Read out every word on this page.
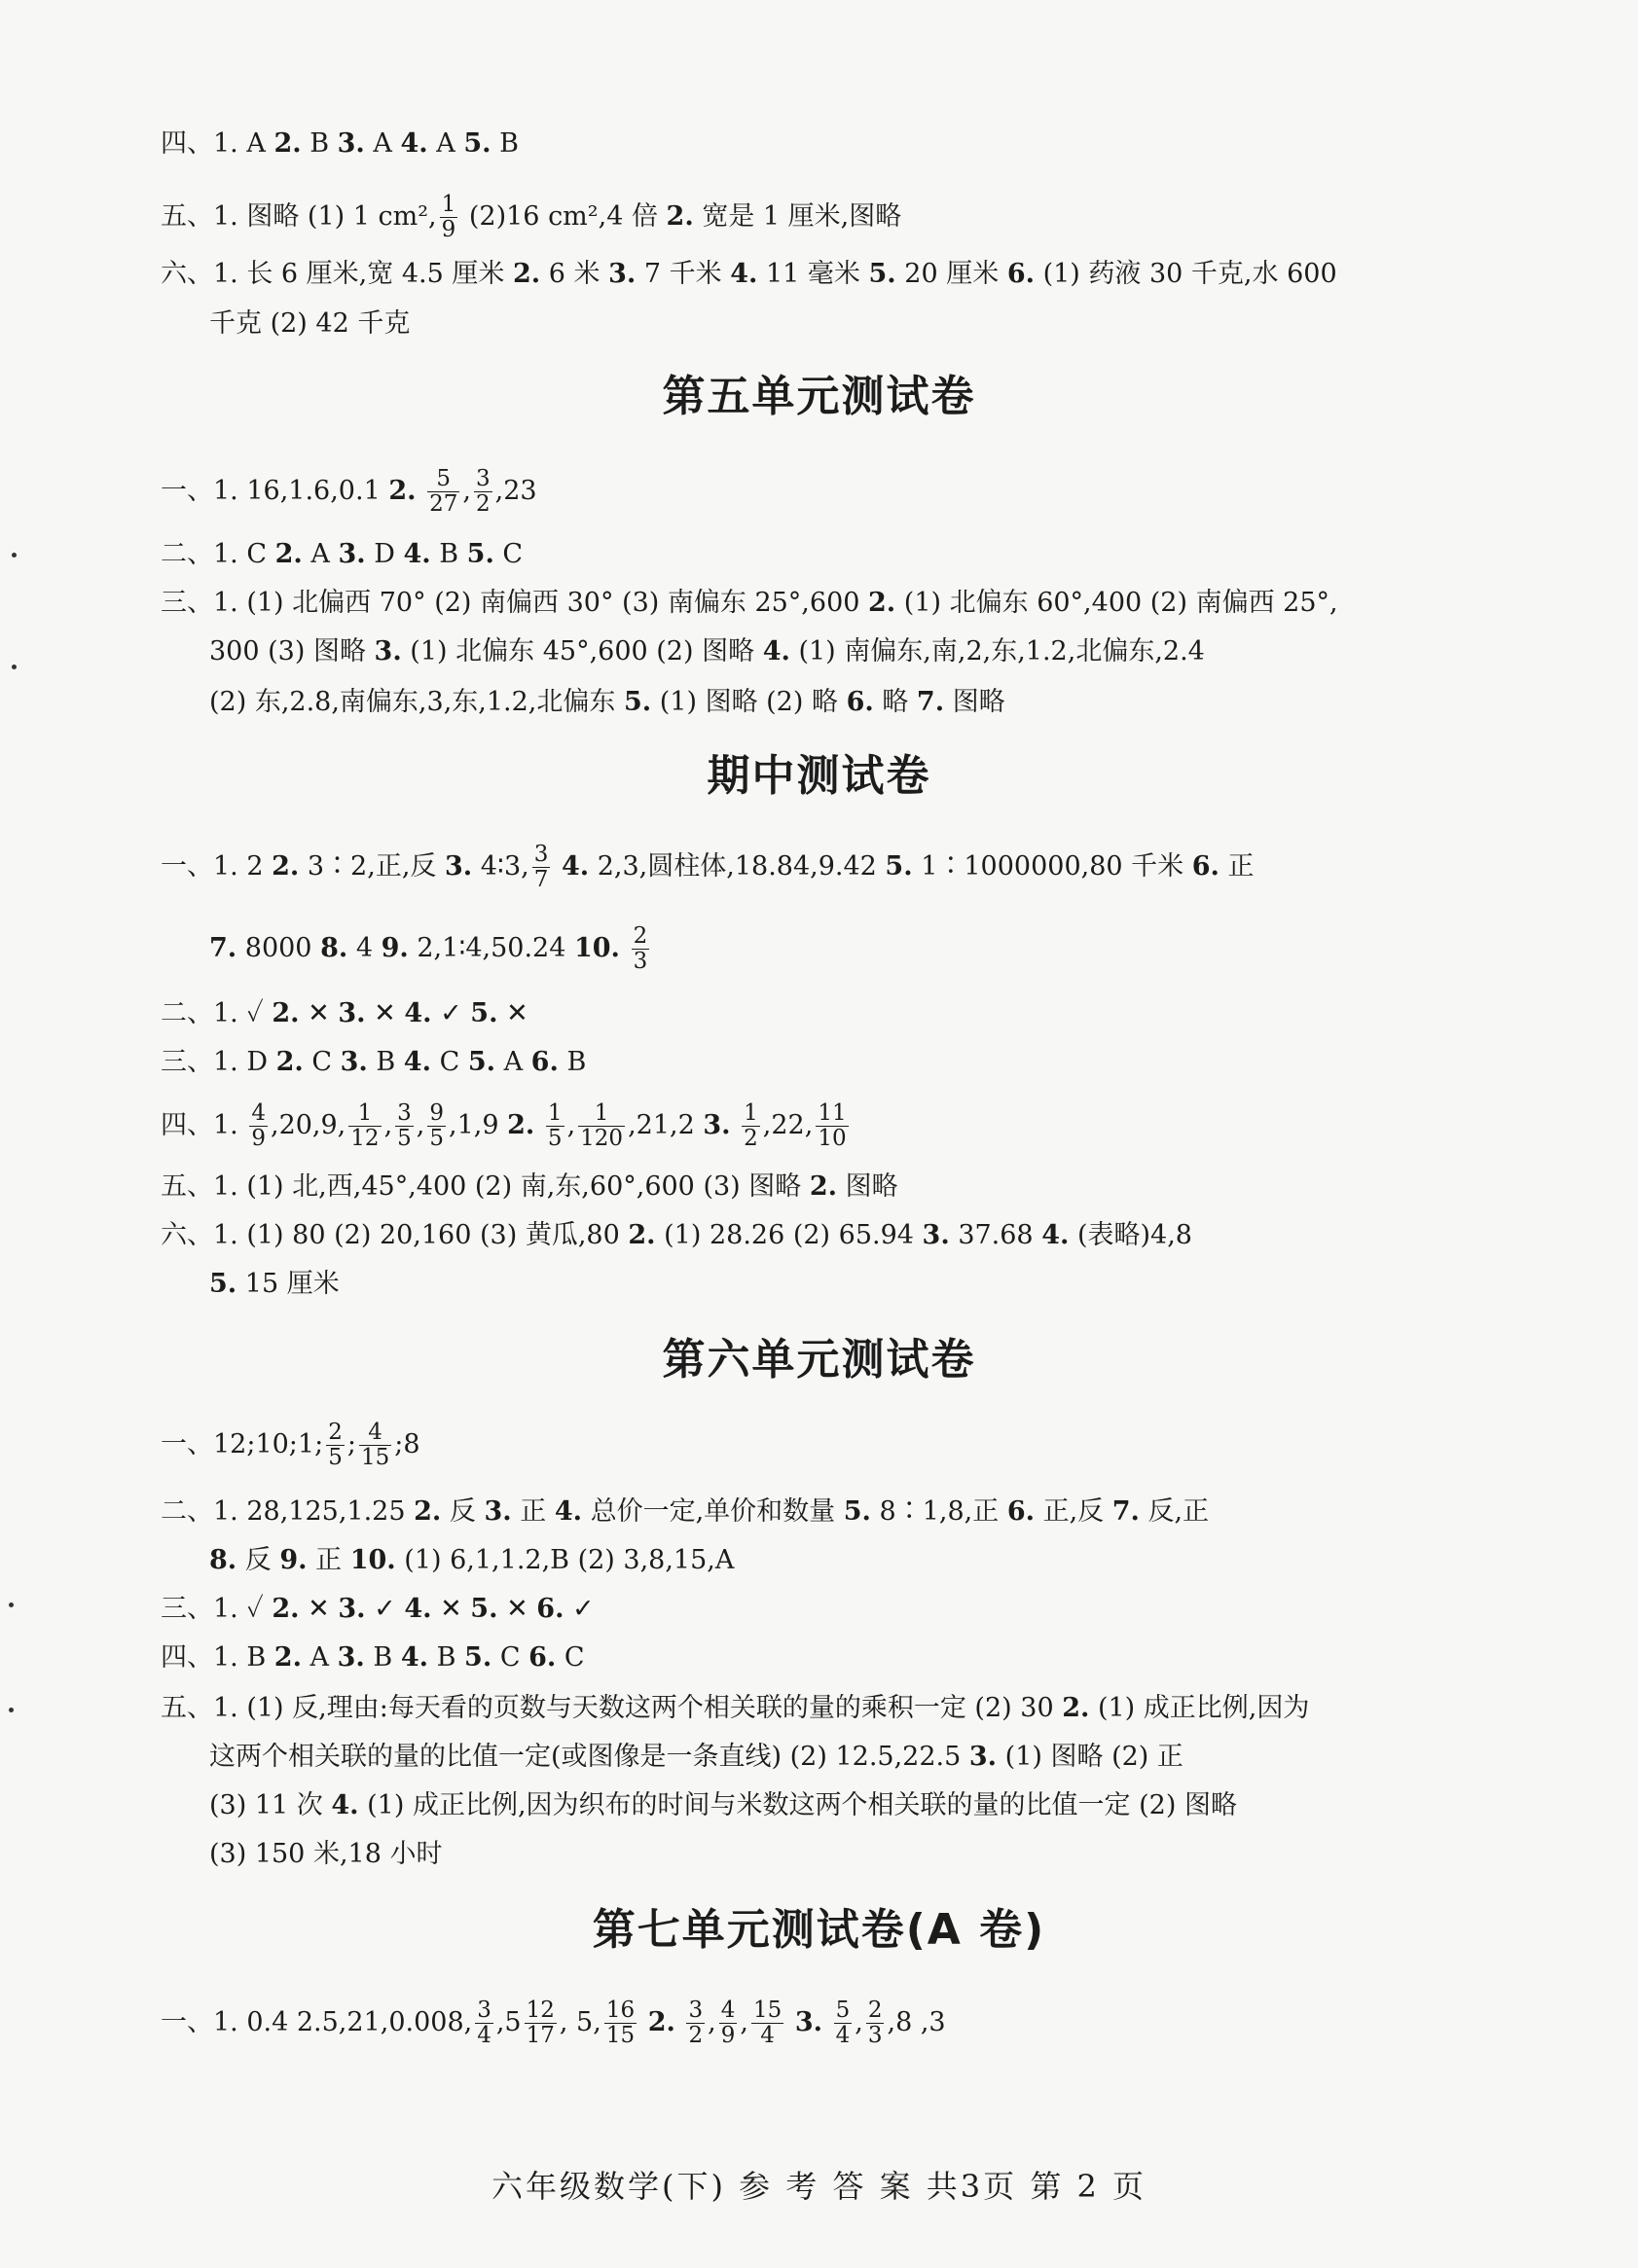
四、1. A 2. B 3. A 4. A 5. B
五、1. 图略 (1) 1 cm², $\frac{1}{9} (2)16$ cm²,4 倍 2. 宽是 1 厘米,图略
六、1. 长 6 厘米,宽 4.5 厘米 2. 6 米 3. 7 千米 4. 11 毫米 5. 20 厘米 6. (1) 药液 30 千克,水 600
千克 (2) 42 千克
第五单元测试卷
一、1. 16,1.6,0.1 2. $\frac{5}{27}$ , $\frac{3}{2} ,23$
二、1. C 2. A 3. D 4. B 5. C
三、1. (1) 北偏西 70° (2) 南偏西 30° (3) 南偏东 25°,600 2. (1) 北偏东 60°,400 (2) 南偏西 25°,
300 (3) 图略 3. (1) 北偏东 45°,600 (2) 图略 4. (1) 南偏东,南,2,东,1.2,北偏东,2.4
(2) 东,2.8,南偏东,3,东,1.2,北偏东 5. (1) 图略 (2) 略 6. 略 7. 图略
期中测试卷
一、1. 2 2. 3∶2,正,反 3. 4∶3, $\frac{3}{7} 4$. 2,3,圆柱体,18.84,9.42 5. 1∶1000000,80 千米 6. 正
7. 8000 8. 4 9. 2,1∶4,50.24 10. $\frac{2}{3}$
二、1. ✓ 2. ✕ 3. ✕ 4. ✓ 5. ✕
三、1. D 2. C 3. B 4. C 5. A 6. B
四、1. $\frac{4}{9} ,20,9$, $\frac{1}{12}$ , $\frac{3}{5}$ , $\frac{9}{5} ,1,9$ 2. $\frac{1}{5}$ , $\frac{1}{120} ,21,2$ 3. $\frac{1}{2} ,22$, $\frac{11}{10}$
五、1. (1) 北,西,45°,400 (2) 南,东,60°,600 (3) 图略 2. 图略
六、1. (1) 80 (2) 20,160 (3) 黄瓜,80 2. (1) 28.26 (2) 65.94 3. 37.68 4. (表略)4,8
5. 15 厘米
第六单元测试卷
一、12;10;1; $\frac{2}{5}$ ; $\frac{4}{15}$ ;8
二、1. 28,125,1.25 2. 反 3. 正 4. 总价一定,单价和数量 5. 8∶1,8,正 6. 正,反 7. 反,正
8. 反 9. 正 10. (1) 6,1,1.2,B (2) 3,8,15,A
三、1. ✓ 2. ✕ 3. ✓ 4. ✕ 5. ✕ 6. ✓
四、1. B 2. A 3. B 4. B 5. C 6. C
五、1. (1) 反,理由:每天看的页数与天数这两个相关联的量的乘积一定 (2) 30 2. (1) 成正比例,因为
这两个相关联的量的比值一定(或图像是一条直线) (2) 12.5,22.5 3. (1) 图略 (2) 正
(3) 11 次 4. (1) 成正比例,因为织布的时间与米数这两个相关联的量的比值一定 (2) 图略
(3) 150 米,18 小时
第七单元测试卷(A 卷)
一、1. 0.4 2.5,21,0.008, $\frac{3}{4} ,5 \frac{12}{17}$ , 5, $\frac{16}{15} 2$. $\frac{3}{2}$ , $\frac{4}{9}$ , $\frac{15}{4} 3$. $\frac{5}{4}$ , $\frac{2}{3} ,8$ ,3
六年级数学(下) 参 考 答 案 共3页 第 2 页
